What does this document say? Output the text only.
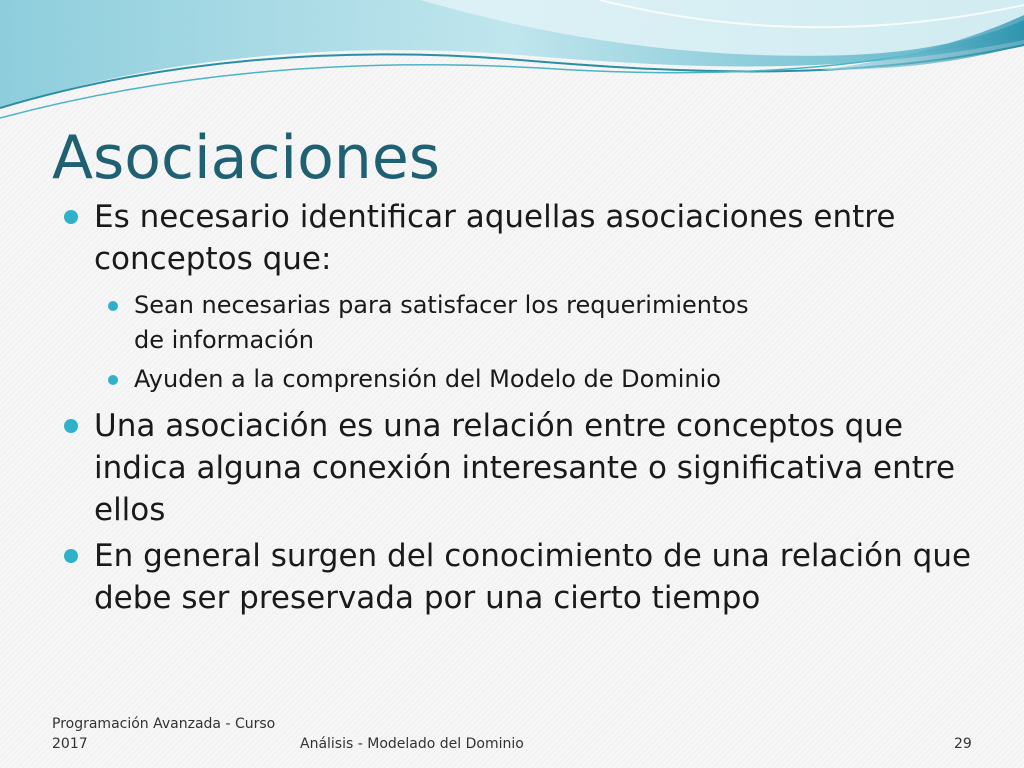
Asociaciones
Es necesario identificar aquellas asociaciones entre conceptos que:
Sean necesarias para satisfacer los requerimientos
de información
Ayuden a la comprensión del Modelo de Dominio
Una asociación es una relación entre conceptos que indica alguna conexión interesante o significativa entre ellos
En general surgen del conocimiento de una relación que debe ser preservada por una cierto tiempo
Programación Avanzada - Curso
2017	Análisis - Modelado del Dominio	29
